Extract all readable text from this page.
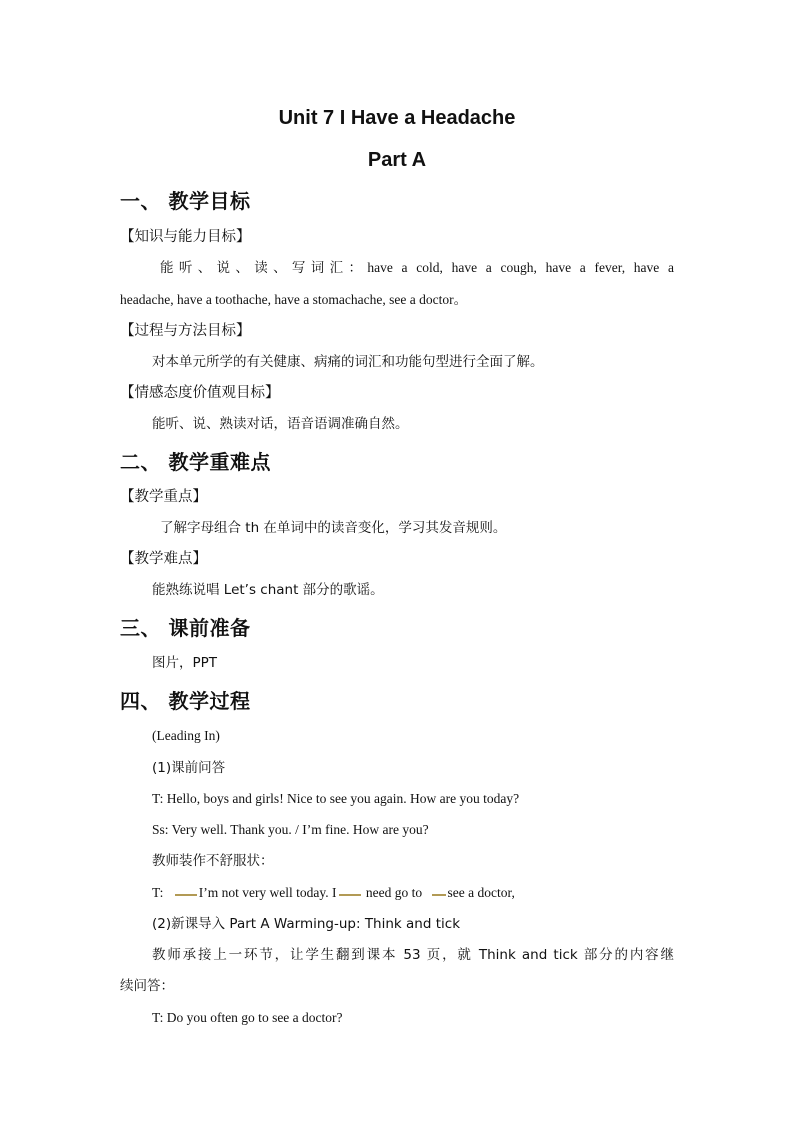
Unit 7 I Have a Headache
Part A
一、 教学目标
【知识与能力目标】

能听、说、读、写词汇：have a cold, have a cough, have a fever, have a

headache, have a toothache, have a stomachache, see a doctor。

【过程与方法目标】

对本单元所学的有关健康、病痛的词汇和功能句型进行全面了解。

【情感态度价值观目标】

能听、说、熟读对话，语音语调准确自然。

二、 教学重难点
【教学重点】

了解字母组合 th 在单词中的读音变化，学习其发音规则。

【教学难点】

能熟练说唱 Let’s chant 部分的歌谣。

三、 课前准备

图片，PPT

四、 教学过程

(Leading In)

(1)课前问答

T: Hello, boys and girls! Nice to see you again. How are you today?

Ss: Very well. Thank you. / I’m fine. How are you?

教师装作不舒服状：

T:	I’m not very well today. I need go to see a doctor,

(2)新课导入 Part A Warming-up: Think and tick

教师承接上一环节，让学生翻到课本 53 页，就 Think and tick 部分的内容继

续问答：

T: Do you often go to see a doctor?
